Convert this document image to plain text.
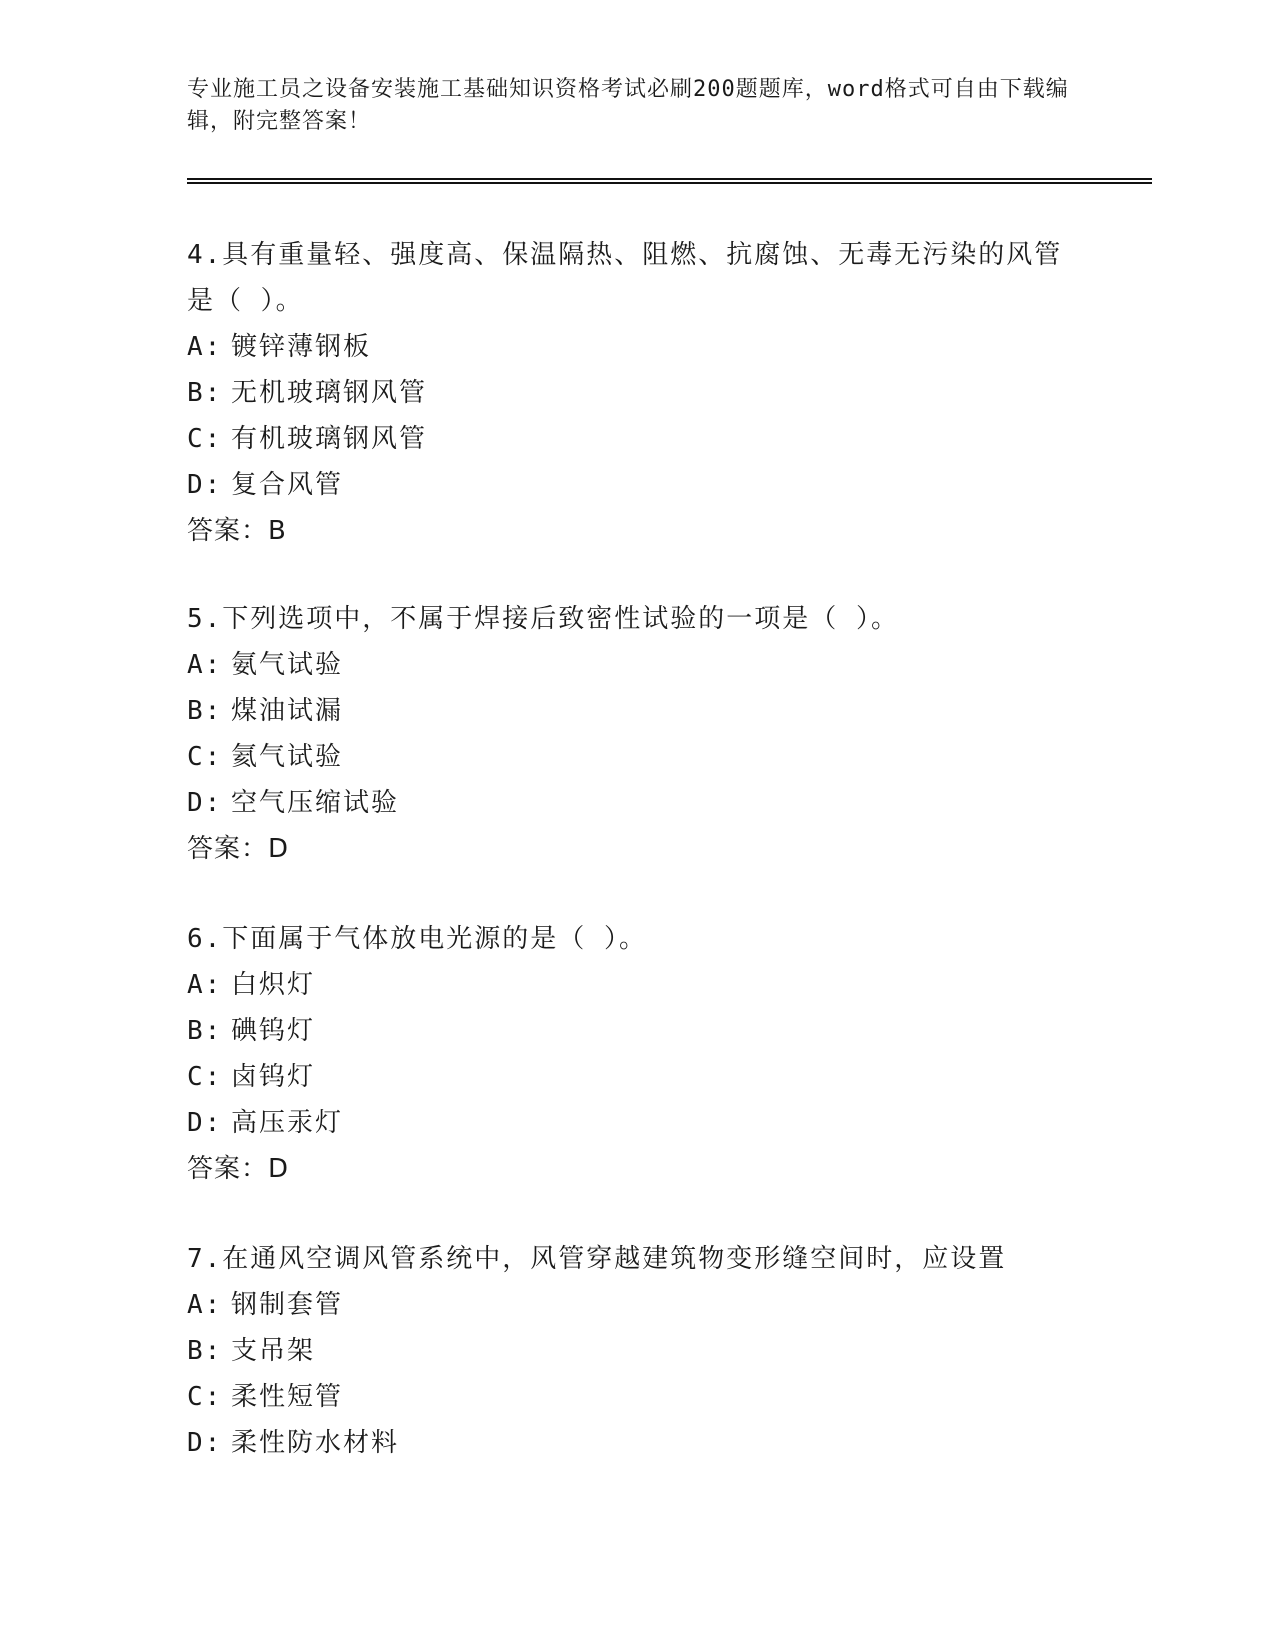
专业施工员之设备安装施工基础知识资格考试必刷200题题库，word格式可自由下载编辑，附完整答案！

4.具有重量轻、强度高、保温隔热、阻燃、抗腐蚀、无毒无污染的风管是（ ）。

A: 镀锌薄钢板

B: 无机玻璃钢风管

C: 有机玻璃钢风管

D: 复合风管

答案：B

5.下列选项中，不属于焊接后致密性试验的一项是（ ）。

A: 氨气试验

B: 煤油试漏

C: 氦气试验

D: 空气压缩试验

答案：D

6.下面属于气体放电光源的是（ ）。

A: 白炽灯

B: 碘钨灯

C: 卤钨灯

D: 高压汞灯

答案：D

7.在通风空调风管系统中，风管穿越建筑物变形缝空间时，应设置

A: 钢制套管

B: 支吊架

C: 柔性短管

D: 柔性防水材料
